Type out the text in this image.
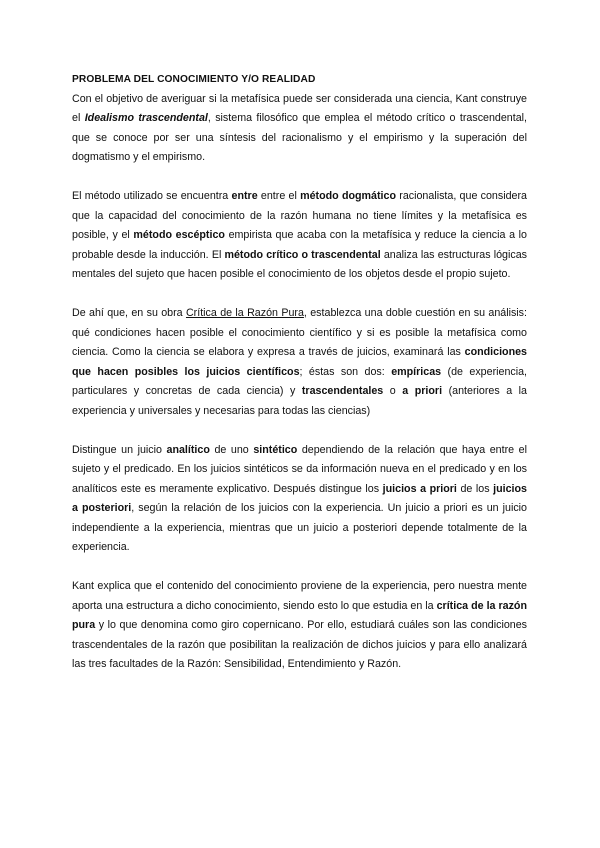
PROBLEMA DEL CONOCIMIENTO Y/O REALIDAD

Con el objetivo de averiguar si la metafísica puede ser considerada una ciencia, Kant construye el Idealismo trascendental, sistema filosófico que emplea el método crítico o trascendental, que se conoce por ser una síntesis del racionalismo y el empirismo y la superación del dogmatismo y el empirismo.

El método utilizado se encuentra entre entre el método dogmático racionalista, que considera que la capacidad del conocimiento de la razón humana no tiene límites y la metafísica es posible, y el método escéptico empirista que acaba con la metafísica y reduce la ciencia a lo probable desde la inducción. El método crítico o trascendental analiza las estructuras lógicas mentales del sujeto que hacen posible el conocimiento de los objetos desde el propio sujeto.

De ahí que, en su obra Crítica de la Razón Pura, establezca una doble cuestión en su análisis: qué condiciones hacen posible el conocimiento científico y si es posible la metafísica como ciencia. Como la ciencia se elabora y expresa a través de juicios, examinará las condiciones que hacen posibles los juicios científicos; éstas son dos: empíricas (de experiencia, particulares y concretas de cada ciencia) y trascendentales o a priori (anteriores a la experiencia y universales y necesarias para todas las ciencias)

Distingue un juicio analítico de uno sintético dependiendo de la relación que haya entre el sujeto y el predicado. En los juicios sintéticos se da información nueva en el predicado y en los analíticos este es meramente explicativo. Después distingue los juicios a priori de los juicios a posteriori, según la relación de los juicios con la experiencia. Un juicio a priori es un juicio independiente a la experiencia, mientras que un juicio a posteriori depende totalmente de la experiencia.

Kant explica que el contenido del conocimiento proviene de la experiencia, pero nuestra mente aporta una estructura a dicho conocimiento, siendo esto lo que estudia en la crítica de la razón pura y lo que denomina como giro copernicano. Por ello, estudiará cuáles son las condiciones trascendentales de la razón que posibilitan la realización de dichos juicios y para ello analizará las tres facultades de la Razón: Sensibilidad, Entendimiento y Razón.
